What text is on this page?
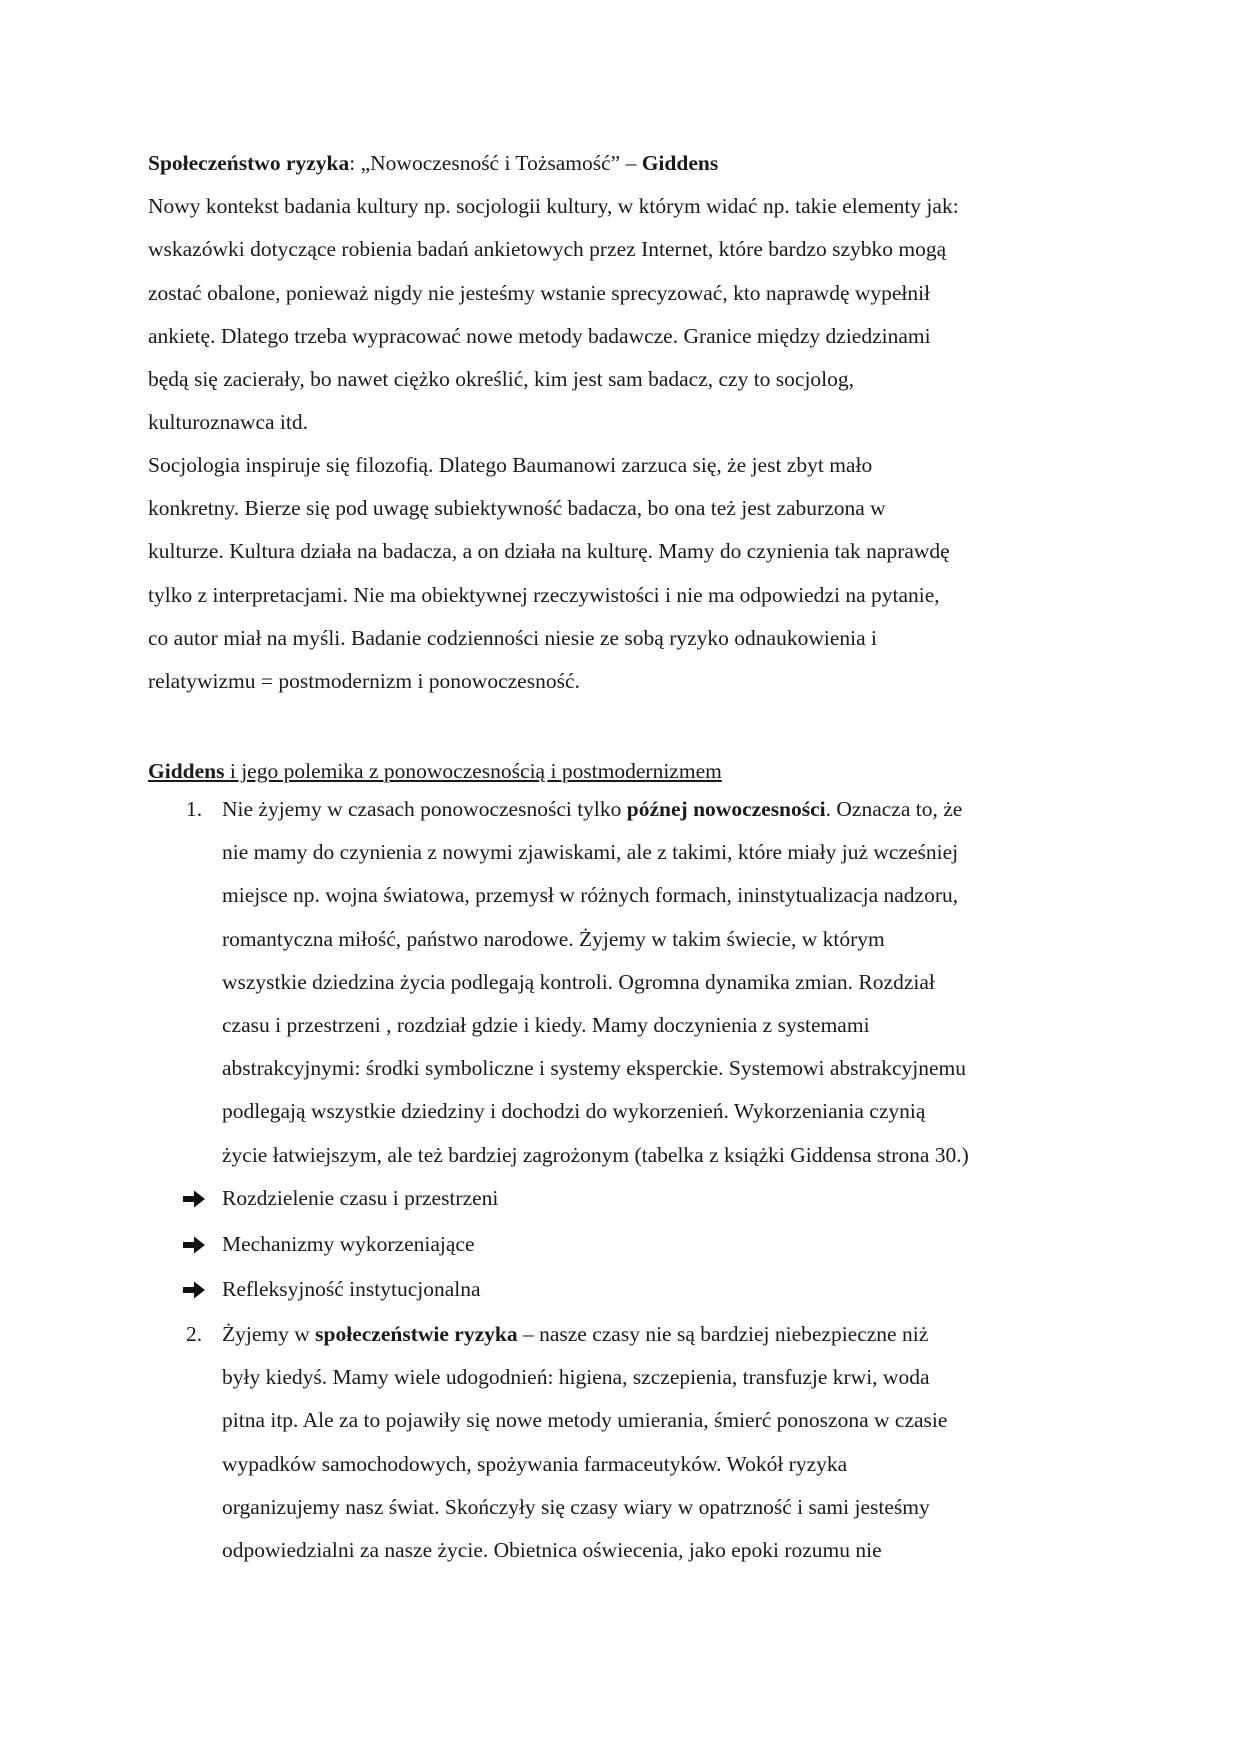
Społeczeństwo ryzyka: „Nowoczesność i Tożsamość” – Giddens
Nowy kontekst badania kultury np. socjologii kultury, w którym widać np. takie elementy jak:
wskazówki dotyczące robienia badań ankietowych przez Internet, które bardzo szybko mogą
zostać obalone, ponieważ nigdy nie jesteśmy wstanie sprecyzować, kto naprawdę wypełnił
ankietę. Dlatego trzeba wypracować nowe metody badawcze. Granice między dziedzinami
będą się zacierały, bo nawet ciężko określić, kim jest sam badacz, czy to socjolog,
kulturoznawca itd.
Socjologia inspiruje się filozofią. Dlatego Baumanowi zarzuca się, że jest zbyt mało
konkretny. Bierze się pod uwagę subiektywność badacza, bo ona też jest zaburzona w
kulturze. Kultura działa na badacza, a on działa na kulturę. Mamy do czynienia tak naprawdę
tylko z interpretacjami. Nie ma obiektywnej rzeczywistości i nie ma odpowiedzi na pytanie,
co autor miał na myśli. Badanie codzienności niesie ze sobą ryzyko odnaukowienia i
relatywizmu = postmodernizm i ponowoczesność.
Giddens i jego polemika z ponowoczesnością i postmodernizmem
1. Nie żyjemy w czasach ponowoczesności tylko późnej nowoczesności. Oznacza to, że
nie mamy do czynienia z nowymi zjawiskami, ale z takimi, które miały już wcześniej
miejsce np. wojna światowa, przemysł w różnych formach, ininstytualizacja nadzoru,
romantyczna miłość, państwo narodowe. Żyjemy w takim świecie, w którym
wszystkie dziedzina życia podlegają kontroli. Ogromna dynamika zmian. Rozdział
czasu i przestrzeni , rozdział gdzie i kiedy. Mamy doczynienia z systemami
abstrakcyjnymi: środki symboliczne i systemy eksperckie. Systemowi abstrakcyjnemu
podlegają wszystkie dziedziny i dochodzi do wykorzenień. Wykorzeniania czynią
życie łatwiejszym, ale też bardziej zagrożonym (tabelka z książki Giddensa strona 30.)
Rozdzielenie czasu i przestrzeni
Mechanizmy wykorzeniające
Refleksyjność instytucjonalna
2. Żyjemy w społeczeństwie ryzyka – nasze czasy nie są bardziej niebezpieczne niż
były kiedyś. Mamy wiele udogodnień: higiena, szczepienia, transfuzje krwi, woda
pitna itp. Ale za to pojawiły się nowe metody umierania, śmierć ponoszona w czasie
wypadków samochodowych, spożywania farmaceutyków. Wokół ryzyka
organizujemy nasz świat. Skończyły się czasy wiary w opatrzność i sami jesteśmy
odpowiedzialni za nasze życie. Obietnica oświecenia, jako epoki rozumu nie
